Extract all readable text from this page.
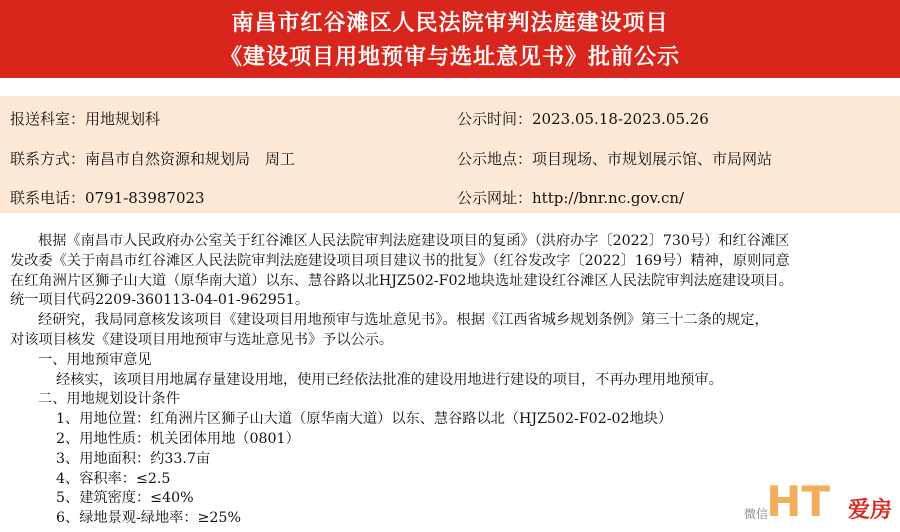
南昌市红谷滩区人民法院审判法庭建设项目
《建设项目用地预审与选址意见书》批前公示
报送科室：用地规划科	公示时间：2023.05.18-2023.05.26
联系方式：南昌市自然资源和规划局　周工	公示地点：项目现场、市规划展示馆、市局网站
联系电话：0791-83987023	公示网址：http://bnr.nc.gov.cn/

根据《南昌市人民政府办公室关于红谷滩区人民法院审判法庭建设项目的复函》（洪府办字〔2022〕730号）和红谷滩区

发改委《关于南昌市红谷滩区人民法院审判法庭建设项目项目建议书的批复》（红谷发改字〔2022〕169号）精神，原则同意

在红角洲片区狮子山大道（原华南大道）以东、慧谷路以北HJZ502-F02地块选址建设红谷滩区人民法院审判法庭建设项目。

统一项目代码2209-360113-04-01-962951。

经研究，我局同意核发该项目《建设项目用地预审与选址意见书》。根据《江西省城乡规划条例》第三十二条的规定，

对该项目核发《建设项目用地预审与选址意见书》予以公示。

一、用地预审意见

经核实，该项目用地属存量建设用地，使用已经依法批准的建设用地进行建设的项目，不再办理用地预审。

二、用地规划设计条件

1、用地位置：红角洲片区狮子山大道（原华南大道）以东、慧谷路以北（HJZ502-F02-02地块）

2、用地性质：机关团体用地（0801）

3、用地面积：约33.7亩

4、容积率：≤2.5

5、建筑密度：≤40%

6、绿地景观-绿地率：≥25%	微信
HT 爱房
